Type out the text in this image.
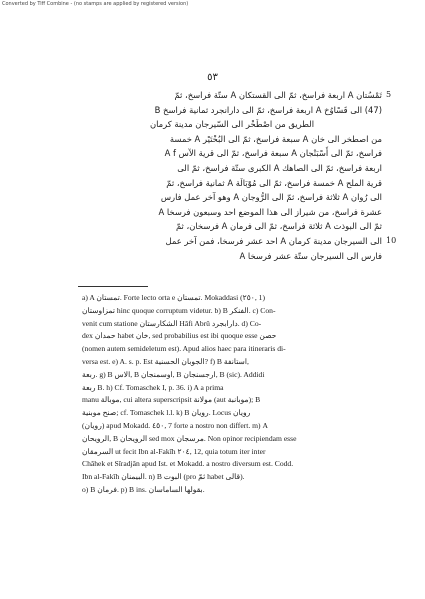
Converted by Tiff Combine - (no stamps are applied by registered version)
٥٣
تَمْسُتان A اربعة فراسخ، ثمّ الى القستكان A ستّة فراسخ، ثمّ
(47) الى قَسْاوُخ A اربعة فراسخ، ثمّ الى دارانجرد ثمانية فراسخ B
الطريق من اصْطَخْر الى السّيرجان مدينة كرمان
من اصطخر الى خان A سبعة فراسخ، ثمّ الى البُخْتَيْر A خمسة
فراسخ، ثمّ الى أَسْبَنْجان A سبعة فراسخ، ثمّ الى قرية الآس A f
اربعة فراسخ، ثمّ الى الصاهك A الكبرى ستّة فراسخ، ثمّ الى
قرية الملح A خمسة فراسخ، ثمّ الى مُوْبَالَة A ثمانية فراسخ، ثمّ
الى رُوان A ثلاثة فراسخ، ثمّ الى الرُّوجان A وهو آخر عمل فارس
عشرة فراسخ، من شيراز الى هذا الموضع احد وسبعون فرسخا A
ثمّ الى البوذت A ثلاثة فراسخ، ثمّ الى فرمان A فرسخان، ثمّ
الى السيرجان مدينة كرمان A احد عشر فرسخا، فمن آخر عمل
فارس الى السيرجان ستّة عشر فرسخا A
5
10
a) A تمستان. Forte lecto orta e تمستان. Mokaddasi (٢٥٠, 1)
تمزاوستان hinc quoque corruptum videtur. b) B الفنكر. c) Con-
venit cum statione الشكارستان Hâfi Abrû دارابجرد. d) Co-
dex حمدان habet خان, sed probabilius est ibi quoque esse حصن
(nomen autem semideletum est). Apud alios haec para itineraris di-
versa est. e) A. s. p. Est الجوبان الحسنية? f) B استانفة,
ربعة. g) B الاس, B اوسمنجان, B ارجسنجان, B (sic). Addidi
ربعة B. h) Cf. Tomaschek I, p. 36. i) A a prima
manu موبالة, cui altera superscripsit مولانة (aut موبانبة); B
صنح موبنية; cf. Tomaschek l.l. k) B رويان. Locus رويان
(رويان) apud Mokadd. ٤٥٠, 7 forte a nostro non differt. m) A
الرويحان, B الرويحان sed mox مرسجان. Non opinor recipiendam esse
السرمقان ut fecit Ibn al-Fakîh ٢٠٤, 12, quia totum iter inter
Châhek et Sîradjân apud Ist. et Mokadd. a nostro diversum est. Codd.
Ibn al-Fakîh البيمنان. n) B البوت (pro ثمّ habet قالى).
o) B فرمان. p) B ins. بقولها الساماسان.
